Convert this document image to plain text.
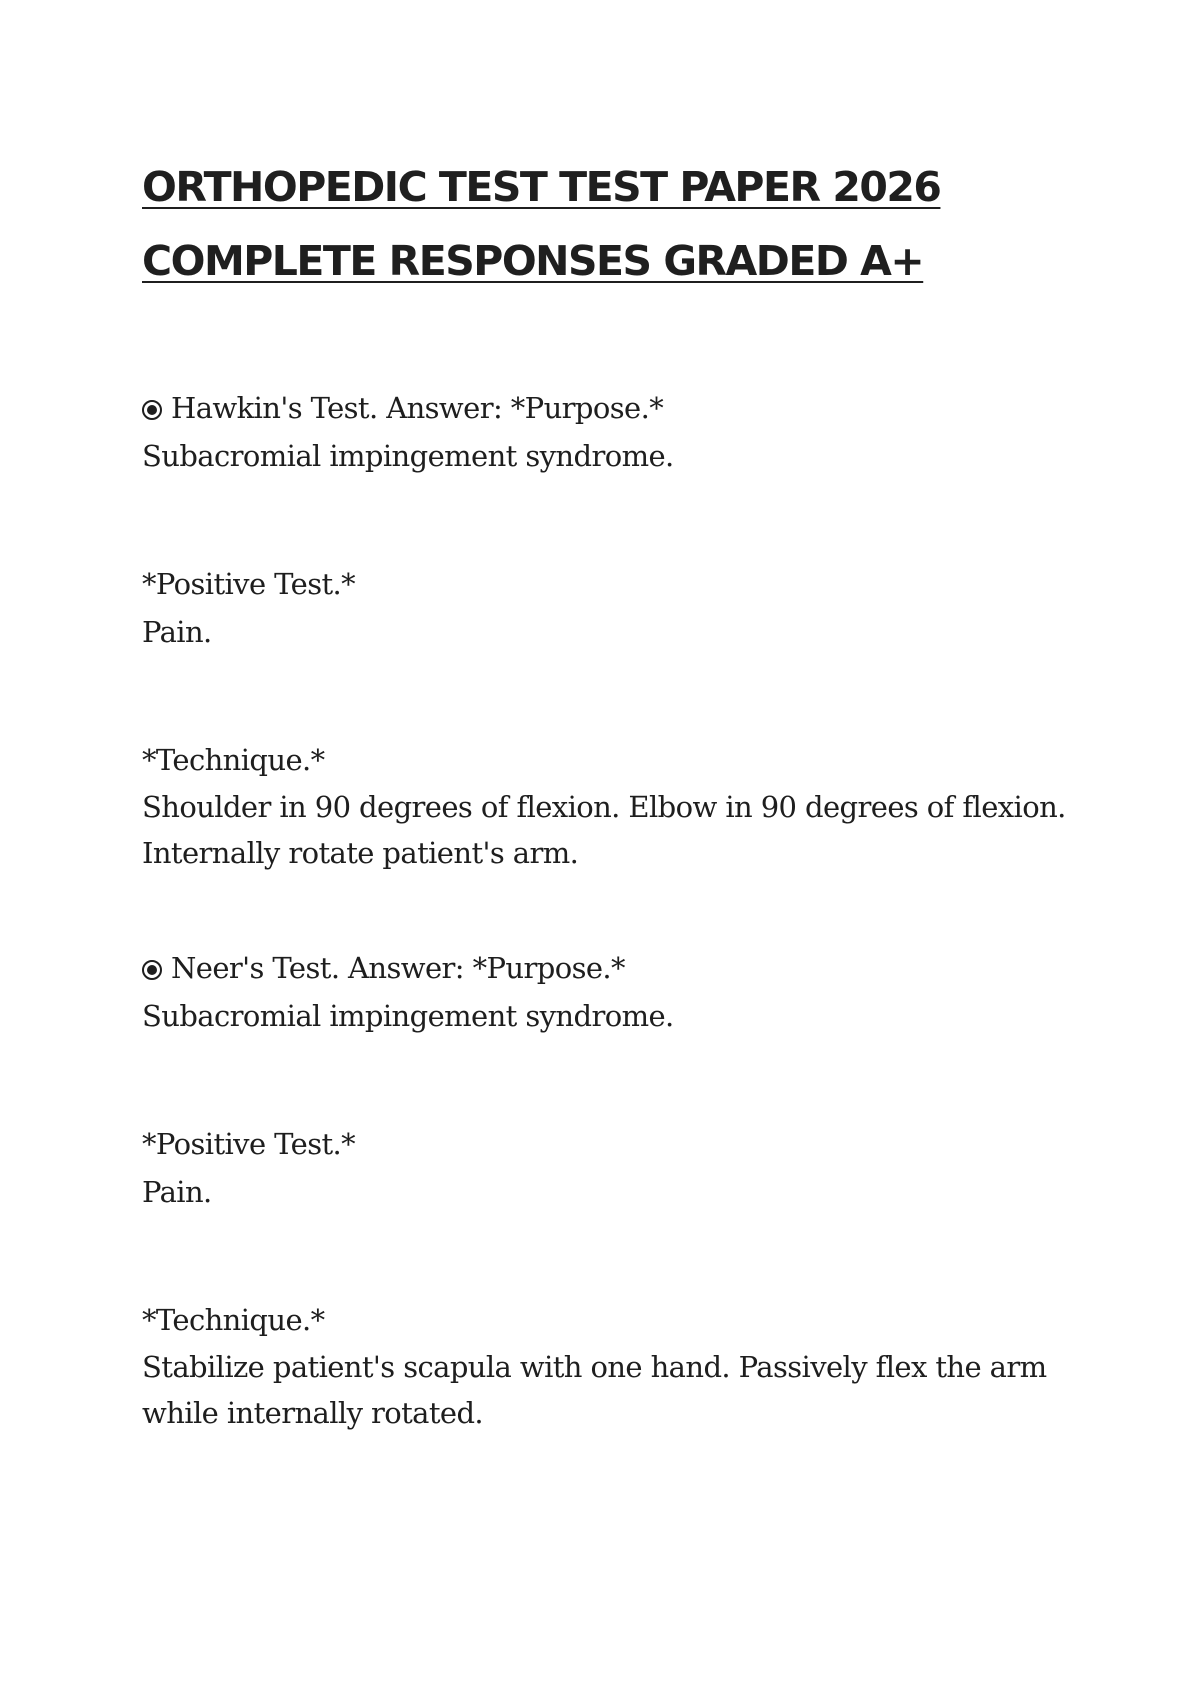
ORTHOPEDIC TEST TEST PAPER 2026
COMPLETE RESPONSES GRADED A+

Hawkin's Test. Answer: *Purpose.*

Subacromial impingement syndrome.

*Positive Test.*

Pain.

*Technique.*

Shoulder in 90 degrees of flexion. Elbow in 90 degrees of flexion.
Internally rotate patient's arm.

Neer's Test. Answer: *Purpose.*

Subacromial impingement syndrome.

*Positive Test.*

Pain.

*Technique.*

Stabilize patient's scapula with one hand. Passively flex the arm
while internally rotated.
